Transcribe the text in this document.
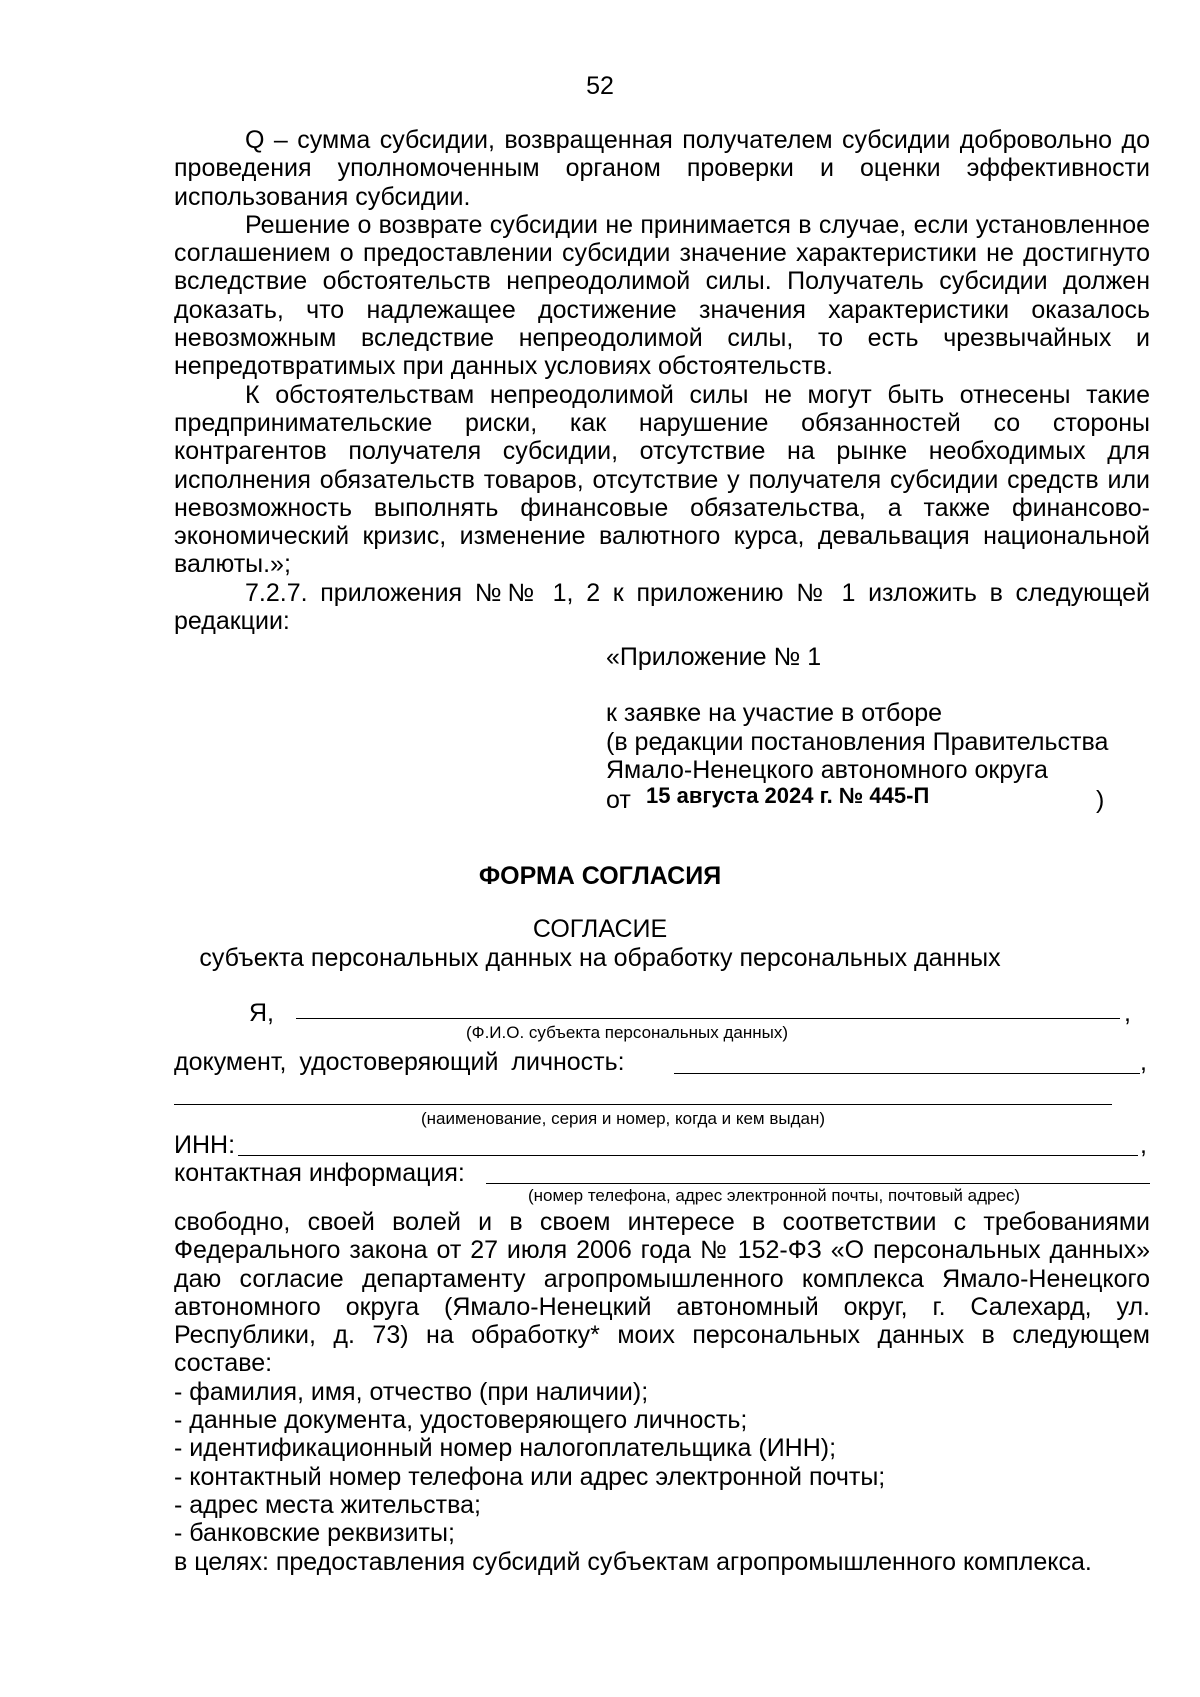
52
Q – сумма субсидии, возвращенная получателем субсидии добровольно до проведения уполномоченным органом проверки и оценки эффективности использования субсидии.
Решение о возврате субсидии не принимается в случае, если установленное соглашением о предоставлении субсидии значение характеристики не достигнуто вследствие обстоятельств непреодолимой силы. Получатель субсидии должен доказать, что надлежащее достижение значения характеристики оказалось невозможным вследствие непреодолимой силы, то есть чрезвычайных и непредотвратимых при данных условиях обстоятельств.
К обстоятельствам непреодолимой силы не могут быть отнесены такие предпринимательские риски, как нарушение обязанностей со стороны контрагентов получателя субсидии, отсутствие на рынке необходимых для исполнения обязательств товаров, отсутствие у получателя субсидии средств или невозможность выполнять финансовые обязательства, а также финансово-экономический кризис, изменение валютного курса, девальвация национальной валюты.»;
7.2.7. приложения №№ 1, 2 к приложению № 1 изложить в следующей редакции:
«Приложение № 1
к заявке на участие в отборе
(в редакции постановления Правительства
Ямало-Ненецкого автономного округа
от 15 августа 2024 г. № 445-П	)
ФОРМА СОГЛАСИЯ
СОГЛАСИЕ
субъекта персональных данных на обработку персональных данных
Я,	,
(Ф.И.О. субъекта персональных данных)
документ, удостоверяющий личность:	,
(наименование, серия и номер, когда и кем выдан)
ИНН:	,
контактная информация:
(номер телефона, адрес электронной почты, почтовый адрес)
свободно, своей волей и в своем интересе в соответствии с требованиями Федерального закона от 27 июля 2006 года № 152-ФЗ «О персональных данных» даю согласие департаменту агропромышленного комплекса Ямало-Ненецкого автономного округа (Ямало-Ненецкий автономный округ, г. Салехард, ул. Республики, д. 73) на обработку* моих персональных данных в следующем составе:
- фамилия, имя, отчество (при наличии);
- данные документа, удостоверяющего личность;
- идентификационный номер налогоплательщика (ИНН);
- контактный номер телефона или адрес электронной почты;
- адрес места жительства;
- банковские реквизиты;
в целях: предоставления субсидий субъектам агропромышленного комплекса.
